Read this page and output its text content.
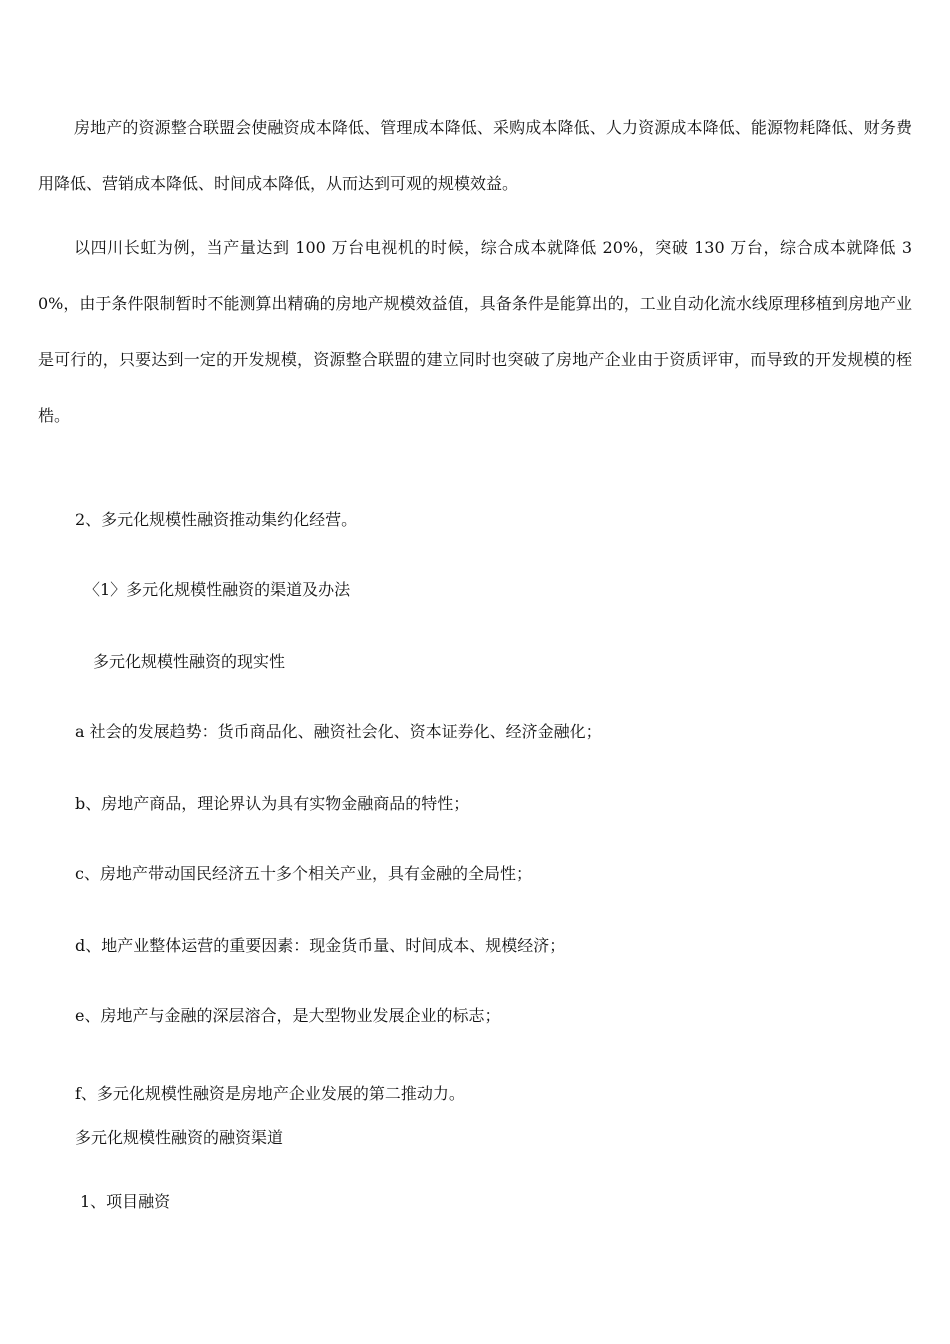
房地产的资源整合联盟会使融资成本降低、管理成本降低、采购成本降低、人力资源成本降低、能源物耗降低、财务费用降低、营销成本降低、时间成本降低，从而达到可观的规模效益。

以四川长虹为例，当产量达到 100 万台电视机的时候，综合成本就降低 20%，突破 130 万台，综合成本就降低 30%，由于条件限制暂时不能测算出精确的房地产规模效益值，具备条件是能算出的，工业自动化流水线原理移植到房地产业是可行的，只要达到一定的开发规模，资源整合联盟的建立同时也突破了房地产企业由于资质评审，而导致的开发规模的桎梏。

2、多元化规模性融资推动集约化经营。

〈1〉多元化规模性融资的渠道及办法

多元化规模性融资的现实性

a 社会的发展趋势：货币商品化、融资社会化、资本证券化、经济金融化；

b、房地产商品，理论界认为具有实物金融商品的特性；

c、房地产带动国民经济五十多个相关产业，具有金融的全局性；

d、地产业整体运营的重要因素：现金货币量、时间成本、规模经济；

e、房地产与金融的深层溶合，是大型物业发展企业的标志；

f、多元化规模性融资是房地产企业发展的第二推动力。

多元化规模性融资的融资渠道

1、项目融资
